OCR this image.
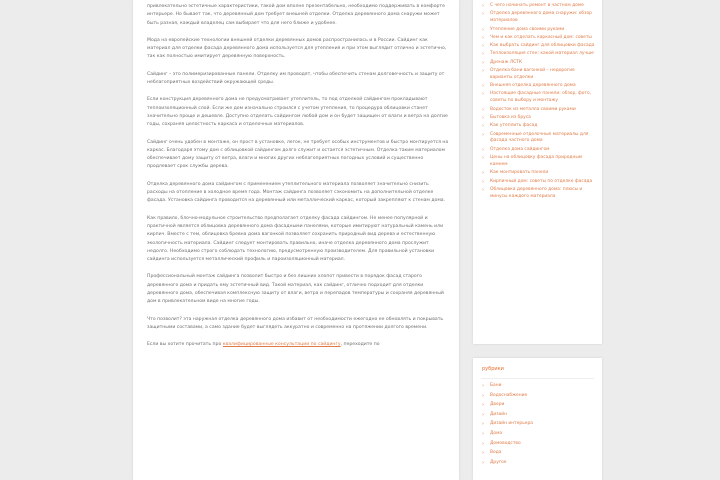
привлекательно эстетичные характеристики, такой дом вполне презентабельно, необходимо поддерживать в комфорте интерьере. Но бывает так, что деревянный дом требует внешней отделки. Отделка деревянного дома снаружи может быть разная, каждый владелец сам выбирает что для него ближе и удобнее.

Мода на европейские технологии внешней отделки деревянных домов распространилась и в России. Сайдинг как материал для отделки фасада деревянного дома используется для утепления и при этом выглядит отлично и эстетично, так как полностью имитирует деревянную поверхность.

Сайдинг – это полимеризированные панели. Отделку им проводят, чтобы обеспечить стенам долговечность и защиту от неблагоприятных воздействий окружающей среды.

Если конструкция деревянного дома не предусматривает утеплитель, то под отделкой сайдингом прокладывают теплоизоляционный слой. Если же дом изначально строился с учетом утепления, то процедура облицовки станет значительно проще и дешевле. Доступно отделать сайдингом любой дом и он будет защищен от влаги и ветра на долгие годы, сохраняя целостность каркаса и отделочных материалов.

Сайдинг очень удобен в монтаже, он прост в установке, легок, не требует особых инструментов и быстро монтируется на каркас. Благодаря этому дом с облицовкой сайдингом долго служит и остается эстетичным. Отделка таким материалом обеспечивает дому защиту от ветра, влаги и многих других неблагоприятных погодных условий и существенно продлевает срок службы дерева.

Отделка деревянного дома сайдингом с применением утеплительного материала позволяет значительно снизить расходы на отопление в холодное время года. Монтаж сайдинга позволяет сэкономить на дополнительной отделке фасада. Установка сайдинга проводится на деревянный или металлический каркас, который закрепляют к стенам дома.

Как правило, блочно-модульное строительство предполагает отделку фасада сайдингом. Не менее популярной и практичной является облицовка деревянного дома фасадными панелями, которые имитируют натуральный камень или кирпич. Вместе с тем, облицовка бревна дома вагонкой позволяет сохранить природный вид дерева и естественную экологичность материала. Сайдинг следует монтировать правильно, иначе отделка деревянного дома прослужит недолго. Необходимо строго соблюдать технологию, предусмотренную производителем. Для правильной установки сайдинга используется металлический профиль и пароизоляционный материал.

Профессиональный монтаж сайдинга позволит быстро и без лишних хлопот привести в порядок фасад старого деревянного дома и придать ему эстетичный вид. Такой материал, как сайдинг, отлично подходит для отделки деревянного дома, обеспечивая комплексную защиту от влаги, ветра и перепадов температуры и сохраняя деревянный дом в привлекательном виде на многие годы.

Что позволит? эта наружная отделка деревянного дома избавит от необходимости ежегодно ее обновлять и покрывать защитными составами, а само здание будет выглядеть аккуратно и современно на протяжении долгого времени.

Если вы хотите прочитать про квалифицированные консультации по сайдингу, переходите по

› С чего начинать ремонт в частном доме
› Отделка деревянного дома снаружи: обзор материалов
› Утепление дома своими руками
› Чем и как отделать каркасный дом: советы
› Как выбрать сайдинг для облицовки фасада
› Теплоизоляция стен: какой материал лучше
› Дренаж ЛСТК
› Отделка бани вагонкой – недорогие варианты отделки
› Внешняя отделка деревянного дома
› Настоящие фасадные панели: обзор, фото, советы по выбору и монтажу
› Водосток из металла своими руками
› Бытовка из бруса
› Как утеплить фасад
› Современные отделочные материалы для фасада частного дома
› Отделка дома сайдингом
› Цены на облицовку фасада природным камнем
› Как монтировать панели
› Кирпичный дом: советы по отделке фасада
› Облицовка деревянного дома: плюсы и минусы каждого материала
рубрики
› Бани
› Водоснабжение
› Двери
› Дизайн
› Дизайн интерьера
› Дома
› Домоводство
› Вода
› Другое
